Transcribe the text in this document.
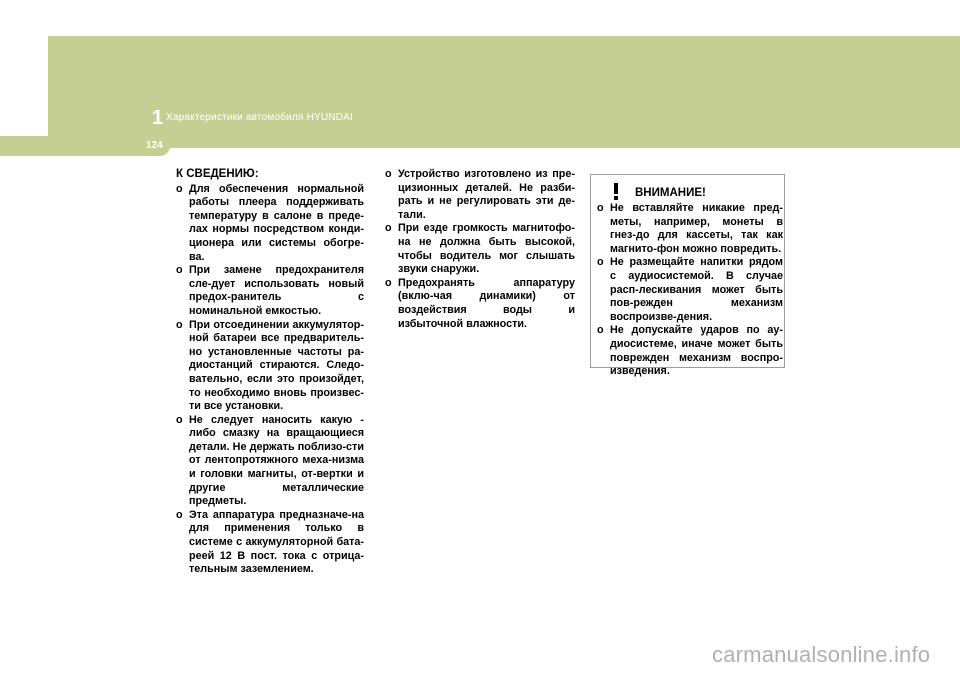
1 Характеристики автомобиля HYUNDAI
124
К СВЕДЕНИЮ:
o Для обеспечения нормальной работы плеера поддерживать температуру в салоне в преде-лах нормы посредством конди-ционера или системы обогре-ва.
o При замене предохранителя сле-дует использовать новый предох-ранитель с номинальной емкостью.
o При отсоединении аккумулятор-ной батареи все предваритель-но установленные частоты ра-диостанций стираются. Следо-вательно, если это произойдет, то необходимо вновь произвес-ти все установки.
o Не следует наносить какую - либо смазку на вращающиеся детали. Не держать поблизо-сти от лентопротяжного меха-низма и головки магниты, от-вертки и другие металлические предметы.
o Эта аппаратура предназначе-на для применения только в системе с аккумуляторной бата-реей 12 В пост. тока с отрица-тельным заземлением.
o Устройство изготовлено из пре-цизионных деталей. Не разби-рать и не регулировать эти де-тали.
o При езде громкость магнитофо-на не должна быть высокой, чтобы водитель мог слышать звуки снаружи.
o Предохранять аппаратуру (вклю-чая динамики) от воздействия воды и избыточной влажности.
ВНИМАНИЕ!
o Не вставляйте никакие пред-меты, например, монеты в гнез-до для кассеты, так как магнито-фон можно повредить.
o Не размещайте напитки рядом с аудиосистемой. В случае расп-лескивания может быть пов-режден механизм воспроизве-дения.
o Не допускайте ударов по ау-диосистеме, иначе может быть поврежден механизм воспро-изведения.
carmanualsonline.info
